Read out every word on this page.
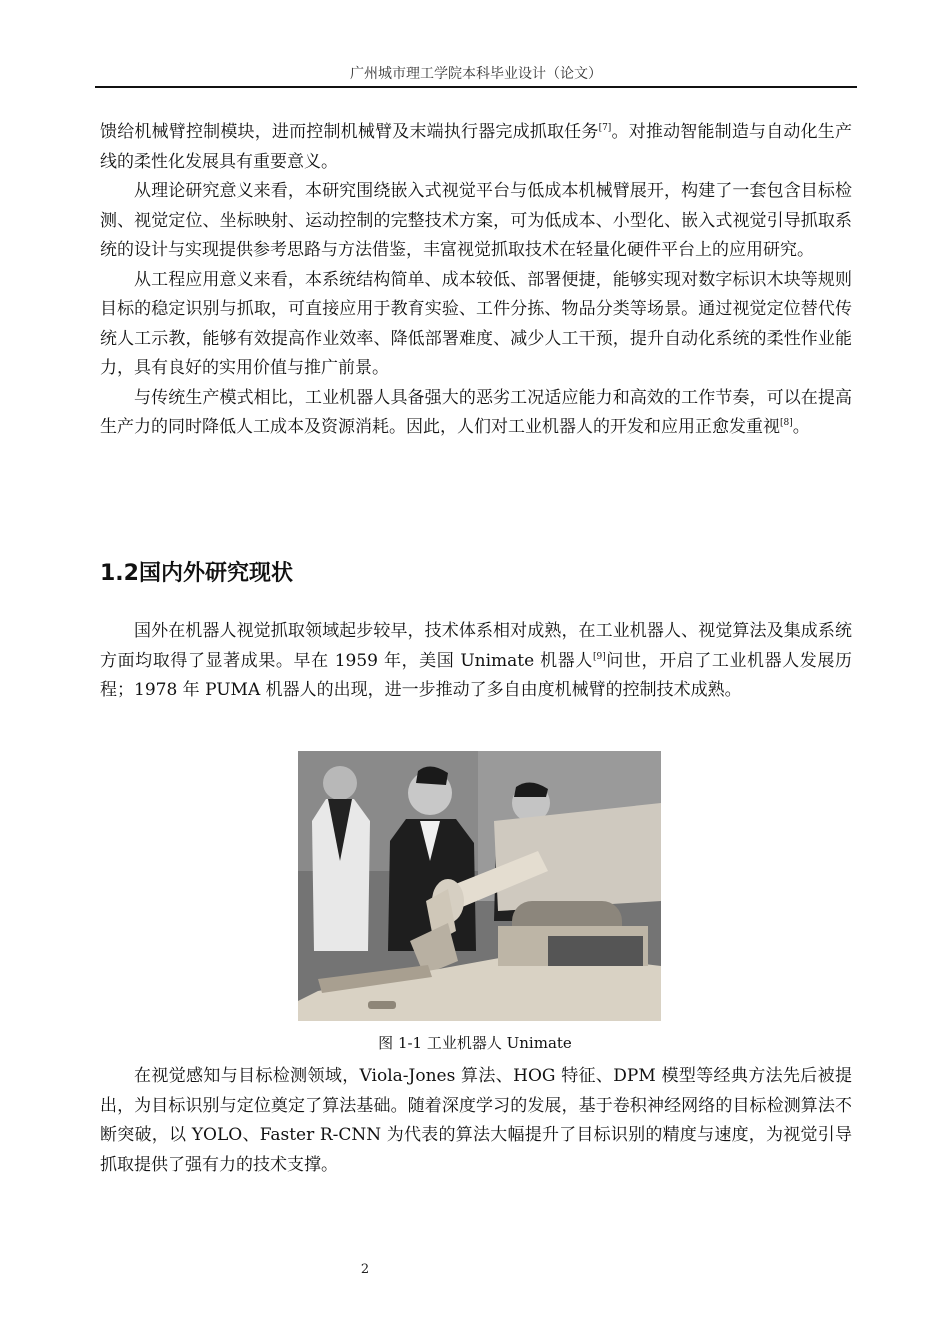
广州城市理工学院本科毕业设计（论文）

馈给机械臂控制模块，进而控制机械臂及末端执行器完成抓取任务[7]。对推动智能制造与自动化生产线的柔性化发展具有重要意义。

从理论研究意义来看，本研究围绕嵌入式视觉平台与低成本机械臂展开，构建了一套包含目标检测、视觉定位、坐标映射、运动控制的完整技术方案，可为低成本、小型化、嵌入式视觉引导抓取系统的设计与实现提供参考思路与方法借鉴，丰富视觉抓取技术在轻量化硬件平台上的应用研究。

从工程应用意义来看，本系统结构简单、成本较低、部署便捷，能够实现对数字标识木块等规则目标的稳定识别与抓取，可直接应用于教育实验、工件分拣、物品分类等场景。通过视觉定位替代传统人工示教，能够有效提高作业效率、降低部署难度、减少人工干预，提升自动化系统的柔性作业能力，具有良好的实用价值与推广前景。

与传统生产模式相比，工业机器人具备强大的恶劣工况适应能力和高效的工作节奏，可以在提高生产力的同时降低人工成本及资源消耗。因此，人们对工业机器人的开发和应用正愈发重视[8]。

1.2国内外研究现状

国外在机器人视觉抓取领域起步较早，技术体系相对成熟，在工业机器人、视觉算法及集成系统方面均取得了显著成果。早在 1959 年，美国 Unimate 机器人[9]问世，开启了工业机器人发展历程；1978 年 PUMA 机器人的出现，进一步推动了多自由度机械臂的控制技术成熟。

图 1-1 工业机器人 Unimate

在视觉感知与目标检测领域，Viola-Jones 算法、HOG 特征、DPM 模型等经典方法先后被提出，为目标识别与定位奠定了算法基础。随着深度学习的发展，基于卷积神经网络的目标检测算法不断突破，以 YOLO、Faster R-CNN 为代表的算法大幅提升了目标识别的精度与速度，为视觉引导抓取提供了强有力的技术支撑。

2
